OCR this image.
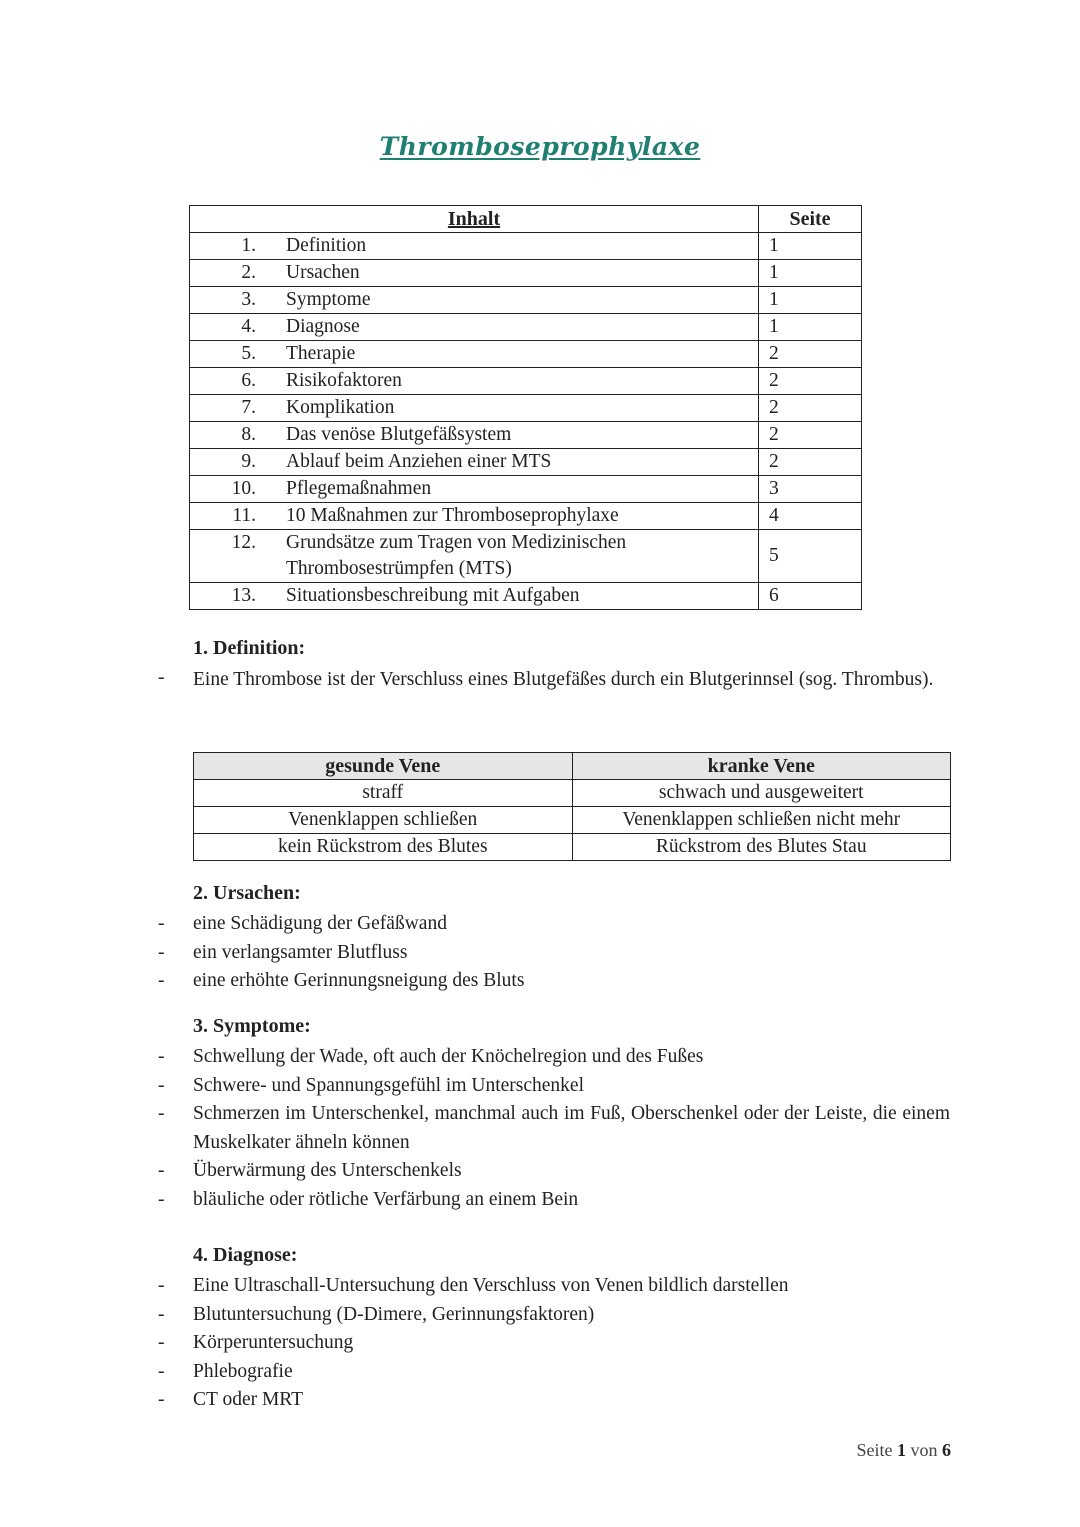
Thromboseprophylaxe
Inhalt	Seite
1. Definition	1
2. Ursachen	1
3. Symptome	1
4. Diagnose	1
5. Therapie	2
6. Risikofaktoren	2
7. Komplikation	2
8. Das venöse Blutgefäßsystem	2
9. Ablauf beim Anziehen einer MTS	2
10. Pflegemaßnahmen	3
11. 10 Maßnahmen zur Thromboseprophylaxe	4
12. Grundsätze zum Tragen von Medizinischen Thrombosestrümpfen (MTS)	5
13. Situationsbeschreibung mit Aufgaben	6
1. Definition:
- Eine Thrombose ist der Verschluss eines Blutgefäßes durch ein Blutgerinnsel (sog. Thrombus).
gesunde Vene	kranke Vene
straff	schwach und ausgeweitert
Venenklappen schließen	Venenklappen schließen nicht mehr
kein Rückstrom des Blutes	Rückstrom des Blutes Stau
2. Ursachen:
- eine Schädigung der Gefäßwand
- ein verlangsamter Blutfluss
- eine erhöhte Gerinnungsneigung des Bluts
3. Symptome:
- Schwellung der Wade, oft auch der Knöchelregion und des Fußes
- Schwere- und Spannungsgefühl im Unterschenkel
- Schmerzen im Unterschenkel, manchmal auch im Fuß, Oberschenkel oder der Leiste, die einem Muskelkater ähneln können
- Überwärmung des Unterschenkels
- bläuliche oder rötliche Verfärbung an einem Bein
4. Diagnose:
- Eine Ultraschall-Untersuchung den Verschluss von Venen bildlich darstellen
- Blutuntersuchung (D-Dimere, Gerinnungsfaktoren)
- Körperuntersuchung
- Phlebografie
- CT oder MRT
Seite 1 von 6
